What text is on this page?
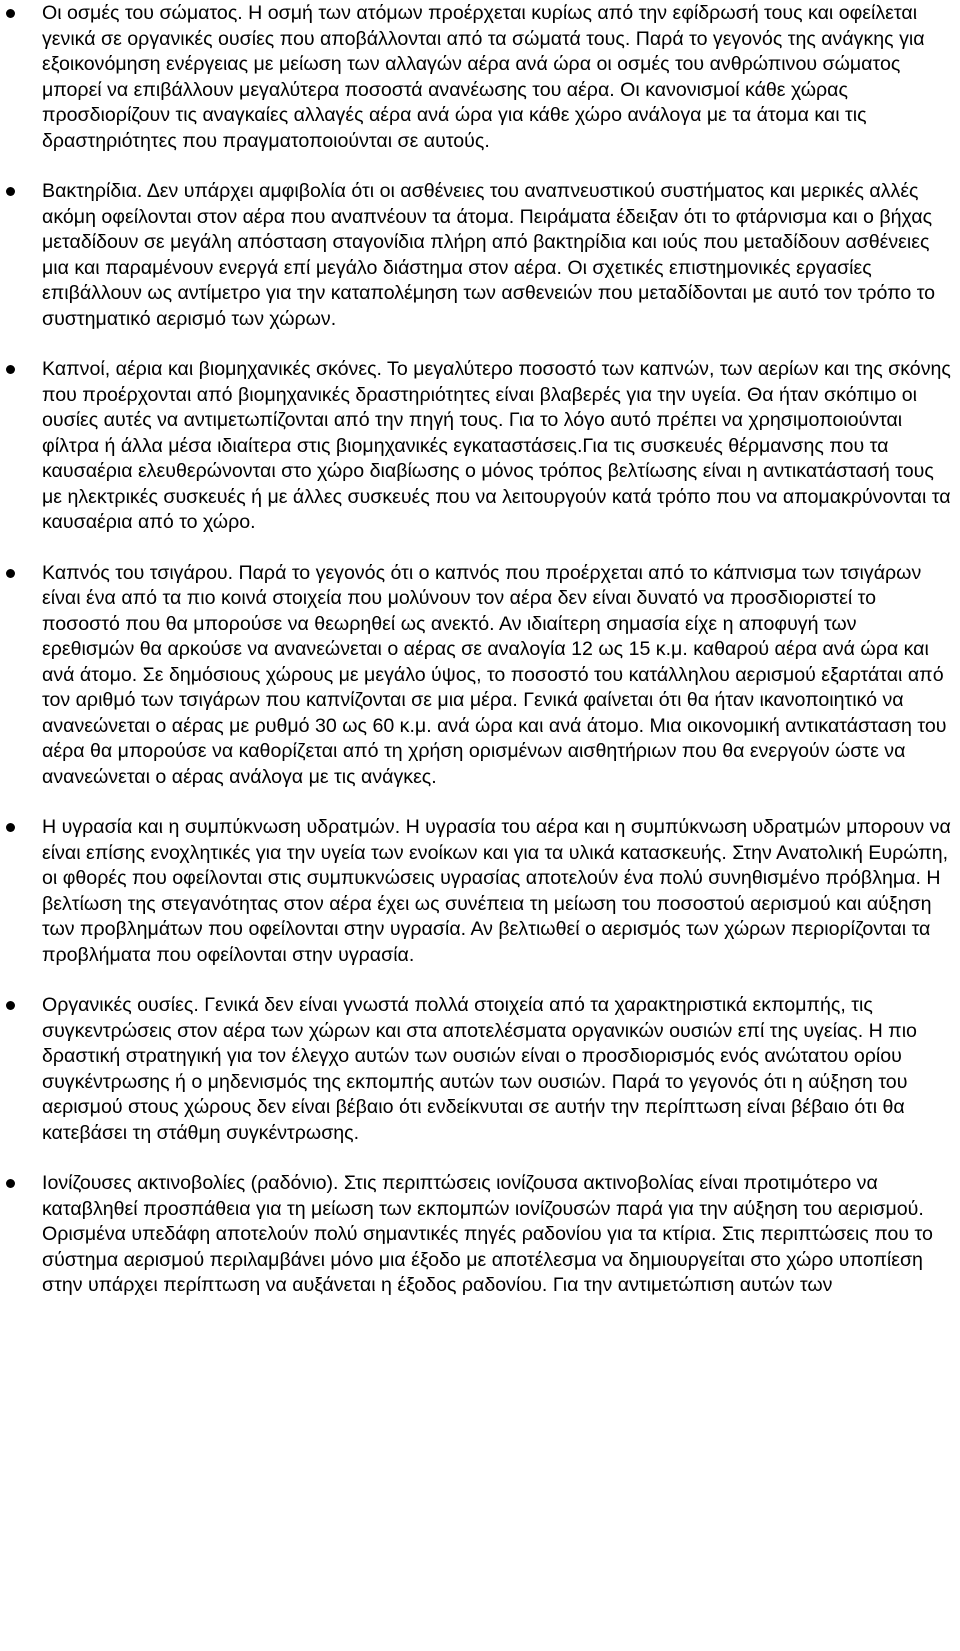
Οι οσμές του σώματος. Η οσμή των ατόμων προέρχεται κυρίως από την εφίδρωσή τους και οφείλεται γενικά σε οργανικές ουσίες που αποβάλλονται από τα σώματά τους. Παρά το γεγονός της ανάγκης για εξοικονόμηση ενέργειας με μείωση των αλλαγών αέρα ανά ώρα οι οσμές του ανθρώπινου σώματος μπορεί να επιβάλλουν μεγαλύτερα ποσοστά ανανέωσης του αέρα. Οι κανονισμοί κάθε χώρας προσδιορίζουν τις αναγκαίες αλλαγές αέρα ανά ώρα για κάθε χώρο ανάλογα με τα άτομα και τις δραστηριότητες που πραγματοποιούνται σε αυτούς.
Βακτηρίδια. Δεν υπάρχει αμφιβολία ότι οι ασθένειες του αναπνευστικού συστήματος και μερικές αλλές ακόμη οφείλονται στον αέρα που αναπνέουν τα άτομα. Πειράματα έδειξαν ότι το φτάρνισμα και ο βήχας μεταδίδουν σε μεγάλη απόσταση σταγονίδια πλήρη από βακτηρίδια και ιούς που μεταδίδουν ασθένειες μια και παραμένουν ενεργά επί μεγάλο διάστημα στον αέρα. Οι σχετικές επιστημονικές εργασίες επιβάλλουν ως αντίμετρο για την καταπολέμηση των ασθενειών που μεταδίδονται με αυτό τον τρόπο το συστηματικό αερισμό των χώρων.
Καπνοί, αέρια και βιομηχανικές σκόνες. Το μεγαλύτερο ποσοστό των καπνών, των αερίων και της σκόνης που προέρχονται από βιομηχανικές δραστηριότητες είναι βλαβερές για την υγεία. Θα ήταν σκόπιμο οι ουσίες αυτές να αντιμετωπίζονται από την πηγή τους. Για το λόγο αυτό πρέπει να χρησιμοποιούνται φίλτρα ή άλλα μέσα ιδιαίτερα στις βιομηχανικές εγκαταστάσεις.Για τις συσκευές θέρμανσης που τα καυσαέρια ελευθερώνονται στο χώρο διαβίωσης ο μόνος τρόπος βελτίωσης είναι η αντικατάστασή τους με ηλεκτρικές συσκευές ή με άλλες συσκευές που να λειτουργούν κατά τρόπο που να απομακρύνονται τα καυσαέρια από το χώρο.
Καπνός του τσιγάρου. Παρά το γεγονός ότι ο καπνός που προέρχεται από το κάπνισμα των τσιγάρων είναι ένα από τα πιο κοινά στοιχεία που μολύνουν τον αέρα δεν είναι δυνατό να προσδιοριστεί το ποσοστό που θα μπορούσε να θεωρηθεί ως ανεκτό. Αν ιδιαίτερη σημασία είχε η αποφυγή των ερεθισμών θα αρκούσε να ανανεώνεται ο αέρας σε αναλογία 12 ως 15 κ.μ. καθαρού αέρα ανά ώρα και ανά άτομο. Σε δημόσιους χώρους με μεγάλο ύψος, το ποσοστό του κατάλληλου αερισμού εξαρτάται από τον αριθμό των τσιγάρων που καπνίζονται σε μια μέρα. Γενικά φαίνεται ότι θα ήταν ικανοποιητικό να ανανεώνεται ο αέρας με ρυθμό 30 ως 60 κ.μ. ανά ώρα και ανά άτομο. Μια οικονομική αντικατάσταση του αέρα θα μπορούσε να καθορίζεται από τη χρήση ορισμένων αισθητήριων που θα ενεργούν ώστε να ανανεώνεται ο αέρας ανάλογα με τις ανάγκες.
Η υγρασία και η συμπύκνωση υδρατμών. Η υγρασία του αέρα και η συμπύκνωση υδρατμών μπορουν να είναι επίσης ενοχλητικές για την υγεία των ενοίκων και για τα υλικά κατασκευής. Στην Ανατολική Ευρώπη, οι φθορές που οφείλονται στις συμπυκνώσεις υγρασίας αποτελούν ένα πολύ συνηθισμένο πρόβλημα. Η βελτίωση της στεγανότητας στον αέρα έχει ως συνέπεια τη μείωση του ποσοστού αερισμού και αύξηση των προβλημάτων που οφείλονται στην υγρασία. Αν βελτιωθεί ο αερισμός των χώρων περιορίζονται τα προβλήματα που οφείλονται στην υγρασία.
Οργανικές ουσίες. Γενικά δεν είναι γνωστά πολλά στοιχεία από τα χαρακτηριστικά εκπομπής, τις συγκεντρώσεις στον αέρα των χώρων και στα αποτελέσματα οργανικών ουσιών επί της υγείας. Η πιο δραστική στρατηγική για τον έλεγχο αυτών των ουσιών είναι ο προσδιορισμός ενός ανώτατου ορίου συγκέντρωσης ή ο μηδενισμός της εκπομπής αυτών των ουσιών. Παρά το γεγονός ότι η αύξηση του αερισμού στους χώρους δεν είναι βέβαιο ότι ενδείκνυται σε αυτήν την περίπτωση είναι βέβαιο ότι θα κατεβάσει τη στάθμη συγκέντρωσης.
Ιονίζουσες ακτινοβολίες (ραδόνιο). Στις περιπτώσεις ιονίζουσα ακτινοβολίας είναι προτιμότερο να καταβληθεί προσπάθεια για τη μείωση των εκπομπών ιονίζουσών παρά για την αύξηση του αερισμού. Ορισμένα υπεδάφη αποτελούν πολύ σημαντικές πηγές ραδονίου για τα κτίρια. Στις περιπτώσεις που το σύστημα αερισμού περιλαμβάνει μόνο μια έξοδο με αποτέλεσμα να δημιουργείται στο χώρο υποπίεση στην υπάρχει περίπτωση να αυξάνεται η έξοδος ραδονίου. Για την αντιμετώπιση αυτών των
